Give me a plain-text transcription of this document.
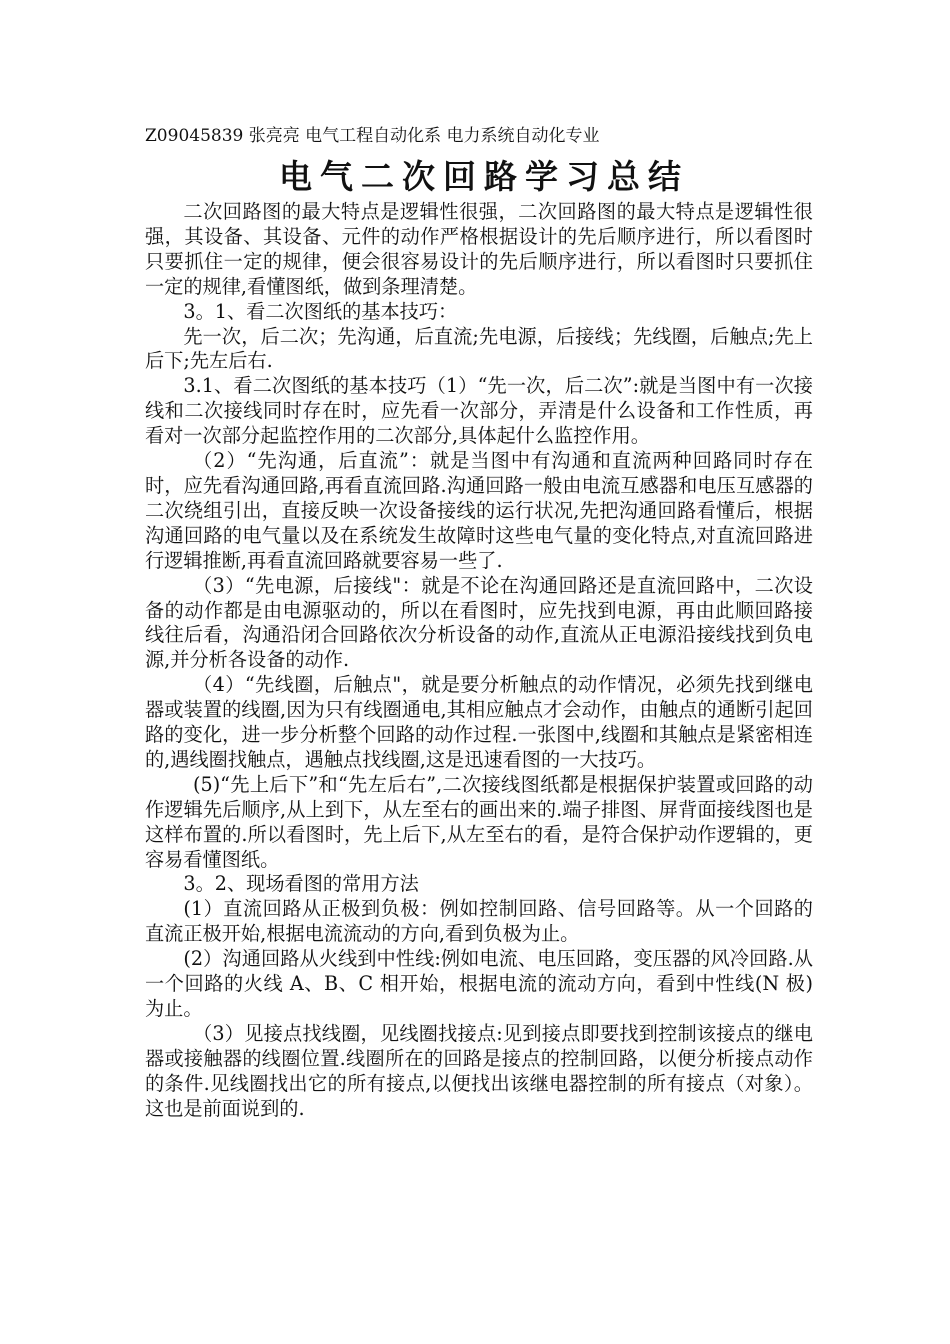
Z09045839 张亮亮 电气工程自动化系 电力系统自动化专业
电气二次回路学习总结

二次回路图的最大特点是逻辑性很强，二次回路图的最大特点是逻辑性很强，其设备、其设备、元件的动作严格根据设计的先后顺序进行，所以看图时只要抓住一定的规律，便会很容易设计的先后顺序进行，所以看图时只要抓住一定的规律,看懂图纸，做到条理清楚。

3。1、看二次图纸的基本技巧：

先一次，后二次；先沟通，后直流;先电源，后接线；先线圈，后触点;先上后下;先左后右.

3.1、看二次图纸的基本技巧（1）“先一次，后二次”:就是当图中有一次接线和二次接线同时存在时，应先看一次部分，弄清是什么设备和工作性质，再看对一次部分起监控作用的二次部分,具体起什么监控作用。

（2）“先沟通，后直流”：就是当图中有沟通和直流两种回路同时存在时，应先看沟通回路,再看直流回路.沟通回路一般由电流互感器和电压互感器的二次绕组引出，直接反映一次设备接线的运行状况,先把沟通回路看懂后，根据沟通回路的电气量以及在系统发生故障时这些电气量的变化特点,对直流回路进行逻辑推断,再看直流回路就要容易一些了.

（3）“先电源，后接线"：就是不论在沟通回路还是直流回路中，二次设备的动作都是由电源驱动的，所以在看图时，应先找到电源，再由此顺回路接线往后看，沟通沿闭合回路依次分析设备的动作,直流从正电源沿接线找到负电源,并分析各设备的动作.

（4）“先线圈，后触点"，就是要分析触点的动作情况，必须先找到继电器或装置的线圈,因为只有线圈通电,其相应触点才会动作，由触点的通断引起回路的变化，进一步分析整个回路的动作过程.一张图中,线圈和其触点是紧密相连的,遇线圈找触点，遇触点找线圈,这是迅速看图的一大技巧。

(5)“先上后下”和“先左后右”,二次接线图纸都是根据保护装置或回路的动作逻辑先后顺序,从上到下，从左至右的画出来的.端子排图、屏背面接线图也是这样布置的.所以看图时，先上后下,从左至右的看，是符合保护动作逻辑的，更容易看懂图纸。

3。2、现场看图的常用方法

(1）直流回路从正极到负极：例如控制回路、信号回路等。从一个回路的直流正极开始,根据电流流动的方向,看到负极为止。

(2）沟通回路从火线到中性线:例如电流、电压回路，变压器的风冷回路.从一个回路的火线 A、B、C 相开始，根据电流的流动方向，看到中性线(N 极)为止。

（3）见接点找线圈，见线圈找接点:见到接点即要找到控制该接点的继电器或接触器的线圈位置.线圈所在的回路是接点的控制回路，以便分析接点动作的条件.见线圈找出它的所有接点,以便找出该继电器控制的所有接点（对象）。这也是前面说到的.
